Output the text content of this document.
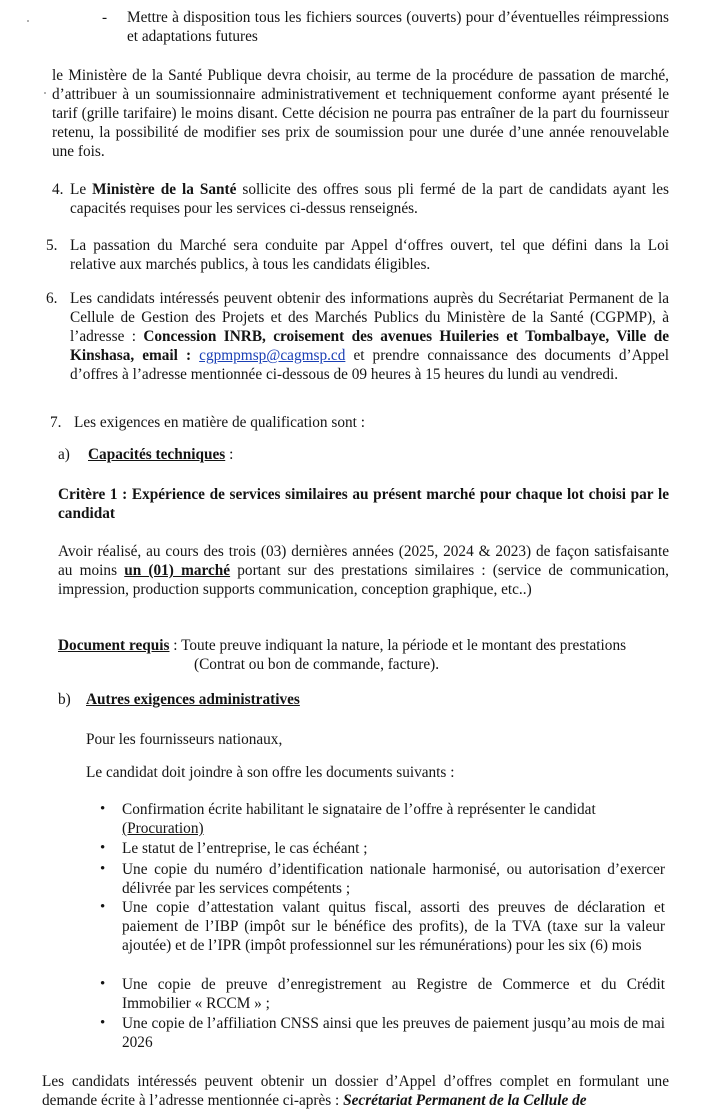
-	Mettre à disposition tous les fichiers sources (ouverts) pour d’éventuelles réimpressions et adaptations futures
le Ministère de la Santé Publique devra choisir, au terme de la procédure de passation de marché, d’attribuer à un soumissionnaire administrativement et techniquement conforme ayant présenté le tarif (grille tarifaire) le moins disant. Cette décision ne pourra pas entraîner de la part du fournisseur retenu, la possibilité de modifier ses prix de soumission pour une durée d’une année renouvelable une fois.
4. Le Ministère de la Santé sollicite des offres sous pli fermé de la part de candidats ayant les capacités requises pour les services ci-dessus renseignés.
5. La passation du Marché sera conduite par Appel d‘offres ouvert, tel que défini dans la Loi relative aux marchés publics, à tous les candidats éligibles.
6. Les candidats intéressés peuvent obtenir des informations auprès du Secrétariat Permanent de la Cellule de Gestion des Projets et des Marchés Publics du Ministère de la Santé (CGPMP), à l’adresse : Concession INRB, croisement des avenues Huileries et Tombalbaye, Ville de Kinshasa, email : cgpmpmsp@cagmsp.cd et prendre connaissance des documents d’Appel d’offres à l’adresse mentionnée ci-dessous de 09 heures à 15 heures du lundi au vendredi.
7. Les exigences en matière de qualification sont :
a)	Capacités techniques :
Critère 1 : Expérience de services similaires au présent marché pour chaque lot choisi par le candidat
Avoir réalisé, au cours des trois (03) dernières années (2025, 2024 & 2023) de façon satisfaisante au moins un (01) marché portant sur des prestations similaires : (service de communication, impression, production supports communication, conception graphique, etc..)
Document requis : Toute preuve indiquant la nature, la période et le montant des prestations
(Contrat ou bon de commande, facture).
b) Autres exigences administratives
Pour les fournisseurs nationaux,
Le candidat doit joindre à son offre les documents suivants :
•	Confirmation écrite habilitant le signataire de l’offre à représenter le candidat
(Procuration)
•	Le statut de l’entreprise, le cas échéant ;
•	Une copie du numéro d’identification nationale harmonisé, ou autorisation d’exercer délivrée par les services compétents ;
•	Une copie d’attestation valant quitus fiscal, assorti des preuves de déclaration et paiement de l’IBP (impôt sur le bénéfice des profits), de la TVA (taxe sur la valeur ajoutée) et de l’IPR (impôt professionnel sur les rémunérations) pour les six (6) mois
•	Une copie de preuve d’enregistrement au Registre de Commerce et du Crédit Immobilier « RCCM » ;
•	Une copie de l’affiliation CNSS ainsi que les preuves de paiement jusqu’au mois de mai 2026
Les candidats intéressés peuvent obtenir un dossier d’Appel d’offres complet en formulant une demande écrite à l’adresse mentionnée ci-après : Secrétariat Permanent de la Cellule de
